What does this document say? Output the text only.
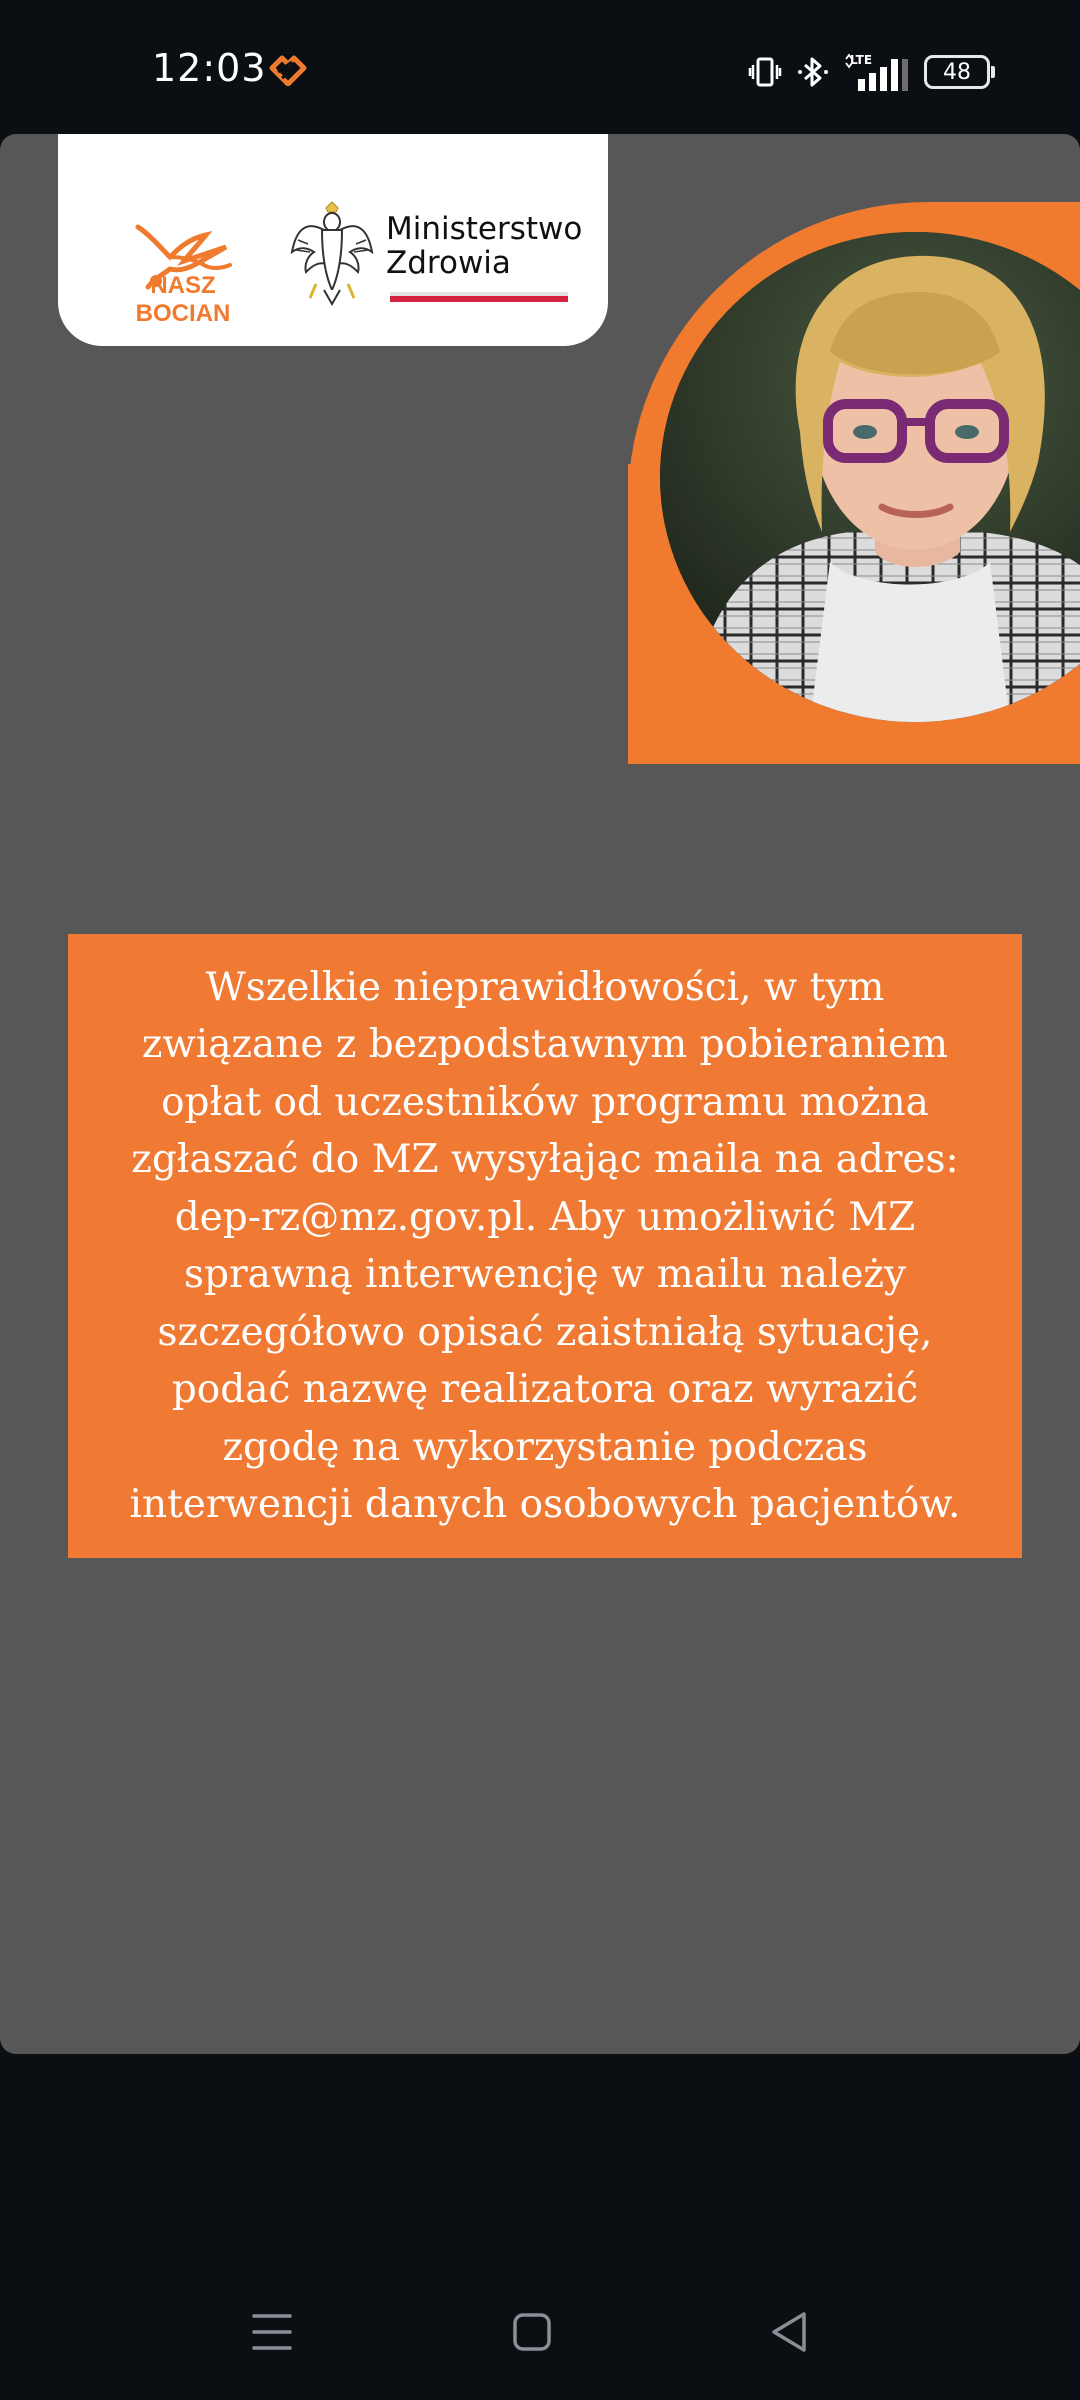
12:03	LTE	48
NASZ BOCIAN
Ministerstwo
Zdrowia

Wszelkie nieprawidłowości, w tym
związane z bezpodstawnym pobieraniem
opłat od uczestników programu można
zgłaszać do MZ wysyłając maila na adres:
dep-rz@mz.gov.pl. Aby umożliwić MZ
sprawną interwencję w mailu należy
szczegółowo opisać zaistniałą sytuację,
podać nazwę realizatora oraz wyrazić
zgodę na wykorzystanie podczas
interwencji danych osobowych pacjentów.
